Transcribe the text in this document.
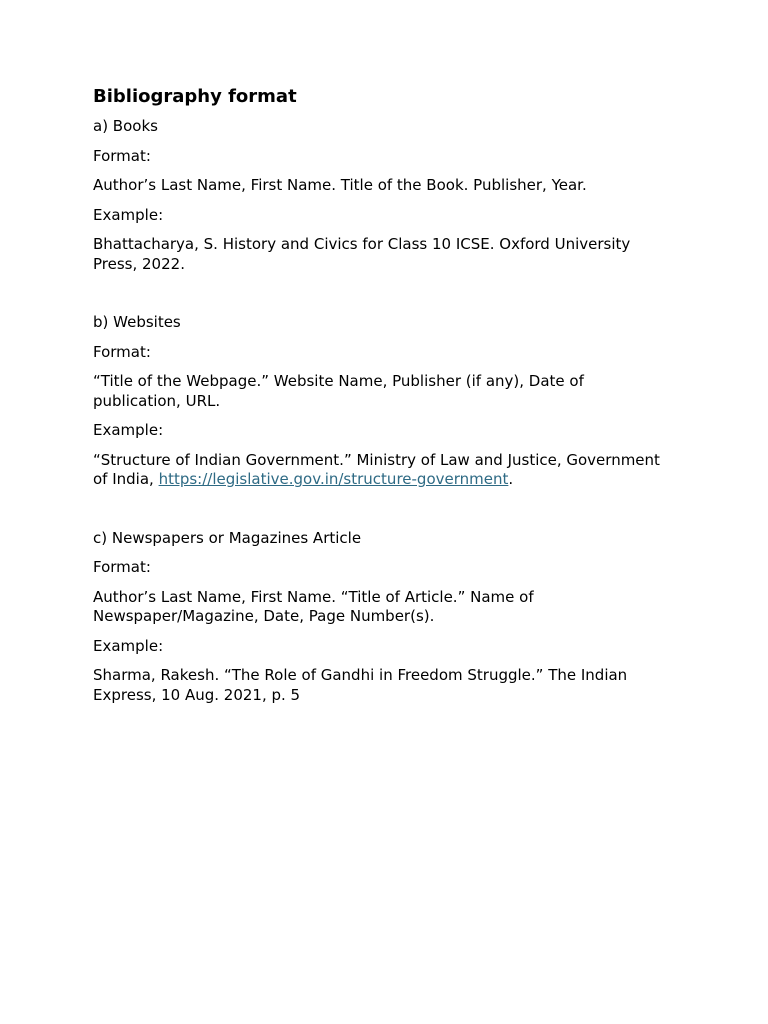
Bibliography format

a) Books

Format:

Author’s Last Name, First Name. Title of the Book. Publisher, Year.

Example:

Bhattacharya, S. History and Civics for Class 10 ICSE. Oxford University Press, 2022.

b) Websites

Format:

“Title of the Webpage.” Website Name, Publisher (if any), Date of publication, URL.

Example:

“Structure of Indian Government.” Ministry of Law and Justice, Government of India, https://legislative.gov.in/structure-government.

c) Newspapers or Magazines Article

Format:

Author’s Last Name, First Name. “Title of Article.” Name of Newspaper/Magazine, Date, Page Number(s).

Example:

Sharma, Rakesh. “The Role of Gandhi in Freedom Struggle.” The Indian Express, 10 Aug. 2021, p. 5
